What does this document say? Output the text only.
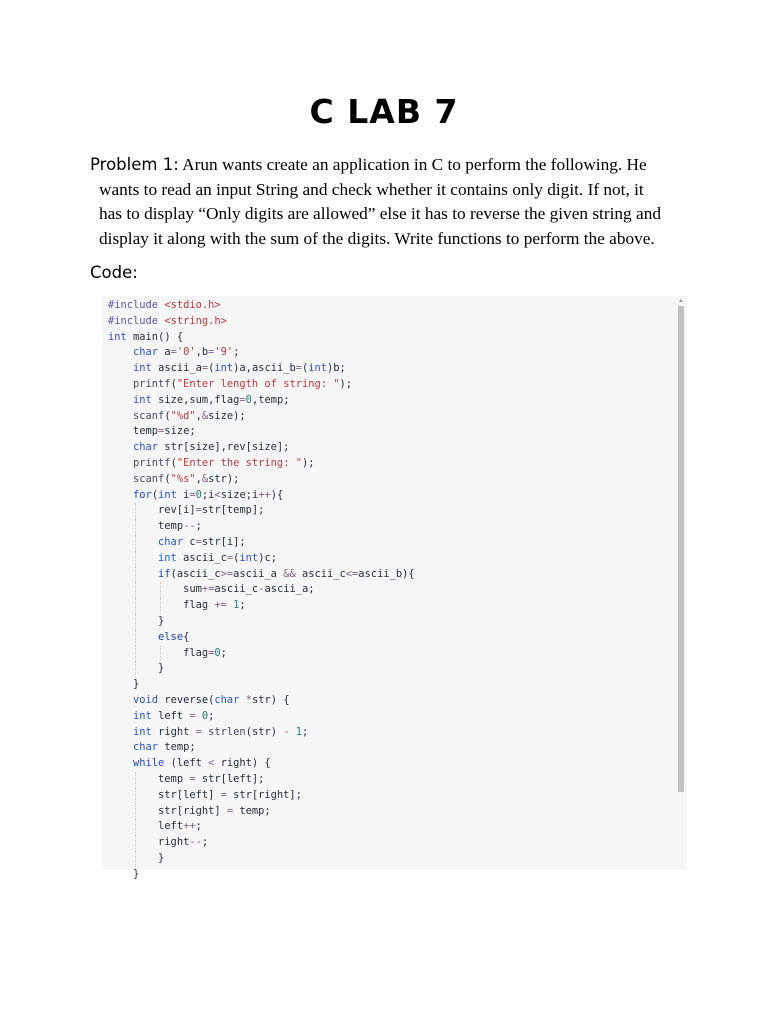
C LAB 7
Problem 1: Arun wants create an application in C to perform the following. He
wants to read an input String and check whether it contains only digit. If not, it
has to display “Only digits are allowed” else it has to reverse the given string and
display it along with the sum of the digits. Write functions to perform the above.
Code:
#include <stdio.h>
#include <string.h>
int main() {
char a='0',b='9';
int ascii_a=(int)a,ascii_b=(int)b;
printf("Enter length of string: ");
int size,sum,flag=0,temp;
scanf("%d",&size);
temp=size;
char str[size],rev[size];
printf("Enter the string: ");
scanf("%s",&str);
for(int i=0;i<size;i++){
rev[i]=str[temp];
temp--;
char c=str[i];
int ascii_c=(int)c;
if(ascii_c>=ascii_a && ascii_c<=ascii_b){
sum+=ascii_c-ascii_a;
flag += 1;
}
else{
flag=0;
}
}
void reverse(char *str) {
int left = 0;
int right = strlen(str) - 1;
char temp;
while (left < right) {
temp = str[left];
str[left] = str[right];
str[right] = temp;
left++;
right--;
}
}
▲
